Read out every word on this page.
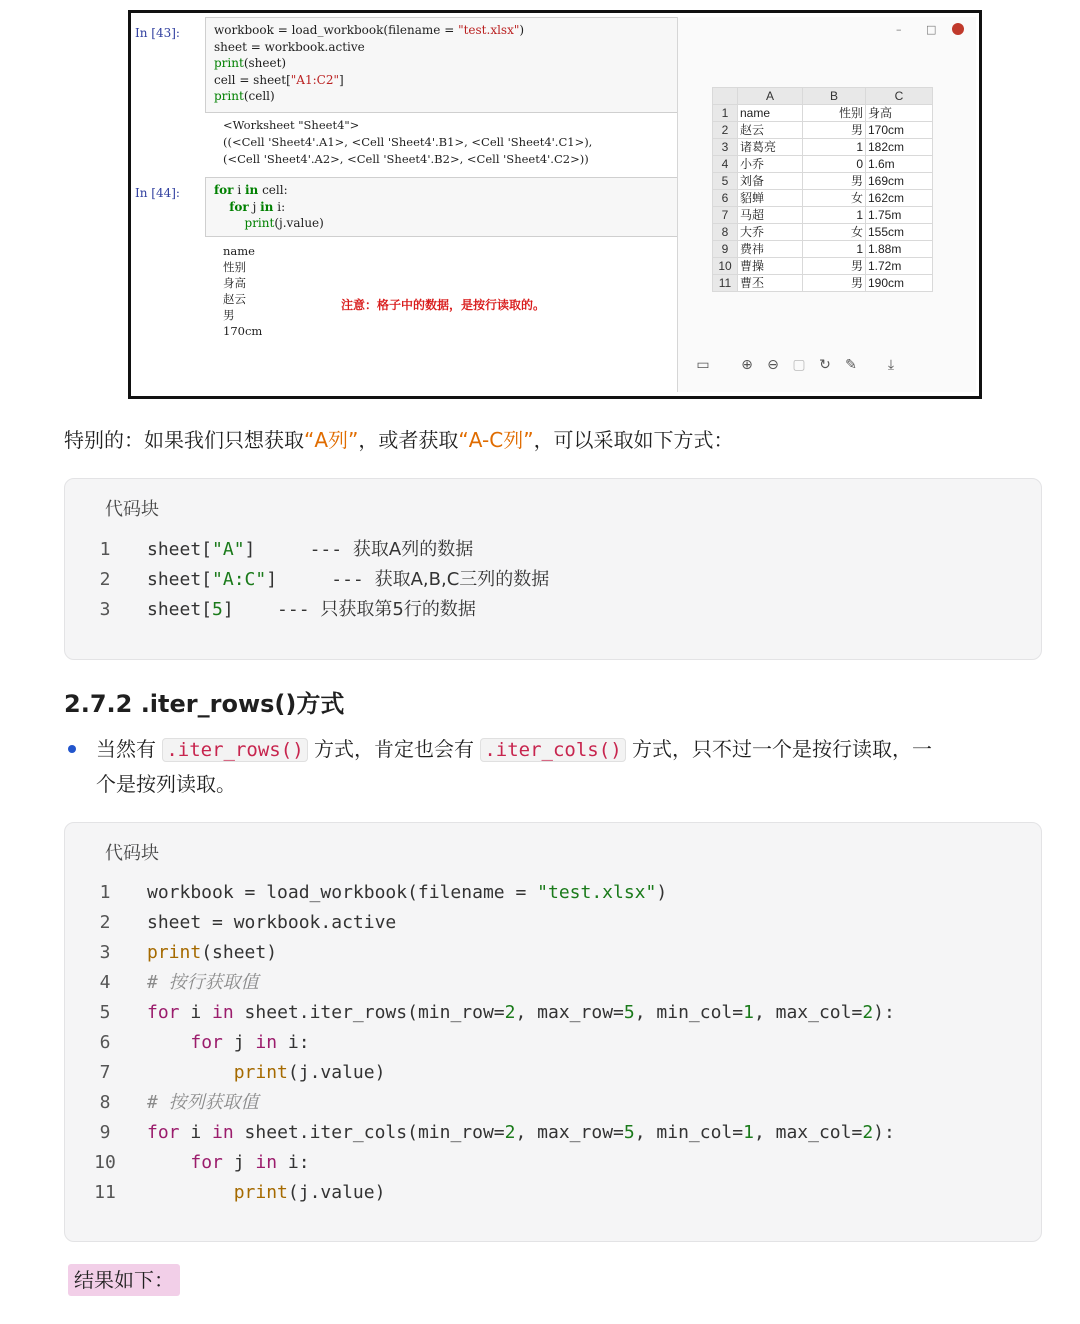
In [43]:	workbook = load_workbook(filename = "test.xlsx")
sheet = workbook.active
print(sheet)
cell = sheet["A1:C2"]
print(cell)
<Worksheet "Sheet4">
((<Cell 'Sheet4'.A1>, <Cell 'Sheet4'.B1>, <Cell 'Sheet4'.C1>),
(<Cell 'Sheet4'.A2>, <Cell 'Sheet4'.B2>, <Cell 'Sheet4'.C2>))
In [44]:	for i in cell:
for j in i:
print(j.value)
name
性别
身高
赵云
男
170cm
注意：格子中的数据，是按行读取的。
– □
	A	B	C
1	name	性别	身高
2	赵云	男	170cm
3	诸葛亮	1	182cm
4	小乔	0	1.6m
5	刘备	男	169cm
6	貂蝉	女	162cm
7	马超	1	1.75m
8	大乔	女	155cm
9	费祎	1	1.88m
10	曹操	男	1.72m
11	曹丕	男	190cm
▭	⊕	⊖ ▢ ↻	✎	⤓
特别的：如果我们只想获取“A列”，或者获取“A-C列”，可以采取如下方式：
代码块
1	sheet["A"]     --- 获取A列的数据
2	sheet["A:C"]     --- 获取A,B,C三列的数据
3	sheet[5]    --- 只获取第5行的数据
2.7.2 .iter_rows()方式
当然有 .iter_rows() 方式，肯定也会有 .iter_cols() 方式，只不过一个是按行读取，一
个是按列读取。
代码块
1	workbook = load_workbook(filename = "test.xlsx")
2	sheet = workbook.active
3	print(sheet)
4	# 按行获取值
5	for i in sheet.iter_rows(min_row=2, max_row=5, min_col=1, max_col=2):
6	for j in i:
7	print(j.value)
8	# 按列获取值
9	for i in sheet.iter_cols(min_row=2, max_row=5, min_col=1, max_col=2):
10	for j in i:
11	print(j.value)
结果如下：
